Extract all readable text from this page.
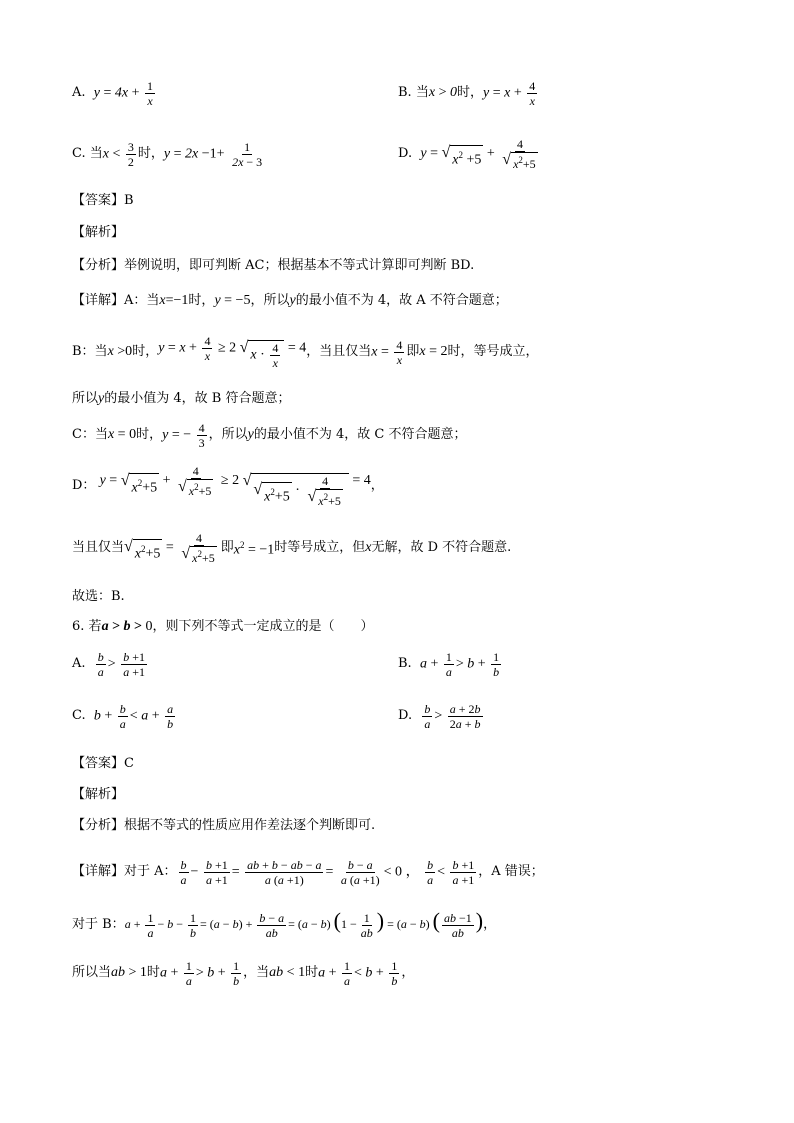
A.
$y = 4x + \frac{1}{x}$	B.
当 x > 0 时， $y = x + \frac{4}{x}$
C.
当 $x < \frac{3}{2}$ 时， $y = 2x -1+ \frac{1}{2x - 3}$	D.
y = √ $x^2 +5 + \frac{4}{√ x^2+5}$
【答案】 B
【解析】
【分析】 举例说明，即可判断 AC；根据基本不等式计算即可判断 BD.
【详解】 A：当 x=−1 时， y = −5 ，所以 y 的最小值不为 4，故 A 不符合题意；
B：当 x >0 时， $y = x + \frac{4}{x} \ge 2$ √ $x \cdot \frac{4}{x} = 4$ ，当且仅当 $x = \frac{4}{x}$ 即 x = 2 时，等号成立，
所以 y 的最小值为 4，故 B 符合题意；
C：当 x = 0 时， y = − $\frac{4}{3}$ ，所以 y 的最小值不为 4，故 C 不符合题意；
D：
y = √ $x^2+5 + \frac{4}{√ x^2+5} \ge 2$ √
√ $x^2+5 \cdot \frac{4}{√ x^2+5} = 4$ ，
当且仅当 √ $x^2+5 = \frac{4}{√ x^2+5}$ 即 $x^2 = -1$ 时等号成立，但 x 无解，故 D 不符合题意.
故选：B.
6.
若 a > b > 0 ，则下列不等式一定成立的是（　　）
A.
$\frac{b}{a} > \frac{b +1}{a +1}$	B.
$a + \frac{1}{a} > b + \frac{1}{b}$
C.
$b + \frac{b}{a} < a + \frac{a}{b}$	D.
$\frac{b}{a} > \frac{a + 2b}{2a + b}$
【答案】 C
【解析】
【分析】 根据不等式的性质应用作差法逐个判断即可.
【详解】 对于 A： $\frac{b}{a} - \frac{b +1}{a +1} = \frac{ab + b - ab - a}{a (a +1)} = \frac{b - a}{a (a +1)} < 0$ ， $\frac{b}{a} < \frac{b +1}{a +1}$ ，A 错误；
对于 B： $a + \frac{1}{a} - b - \frac{1}{b} = (a - b) + \frac{b - a}{ab} = (a - b) (1 - \frac{1}{ab}$ ) = (a − b) ( $\frac{ab -1}{ab}$ ) ，
所以当 ab > 1 时 $a + \frac{1}{a} > b + \frac{1}{b}$ ，当 ab < 1 时 $a + \frac{1}{a} < b + \frac{1}{b}$ ，
